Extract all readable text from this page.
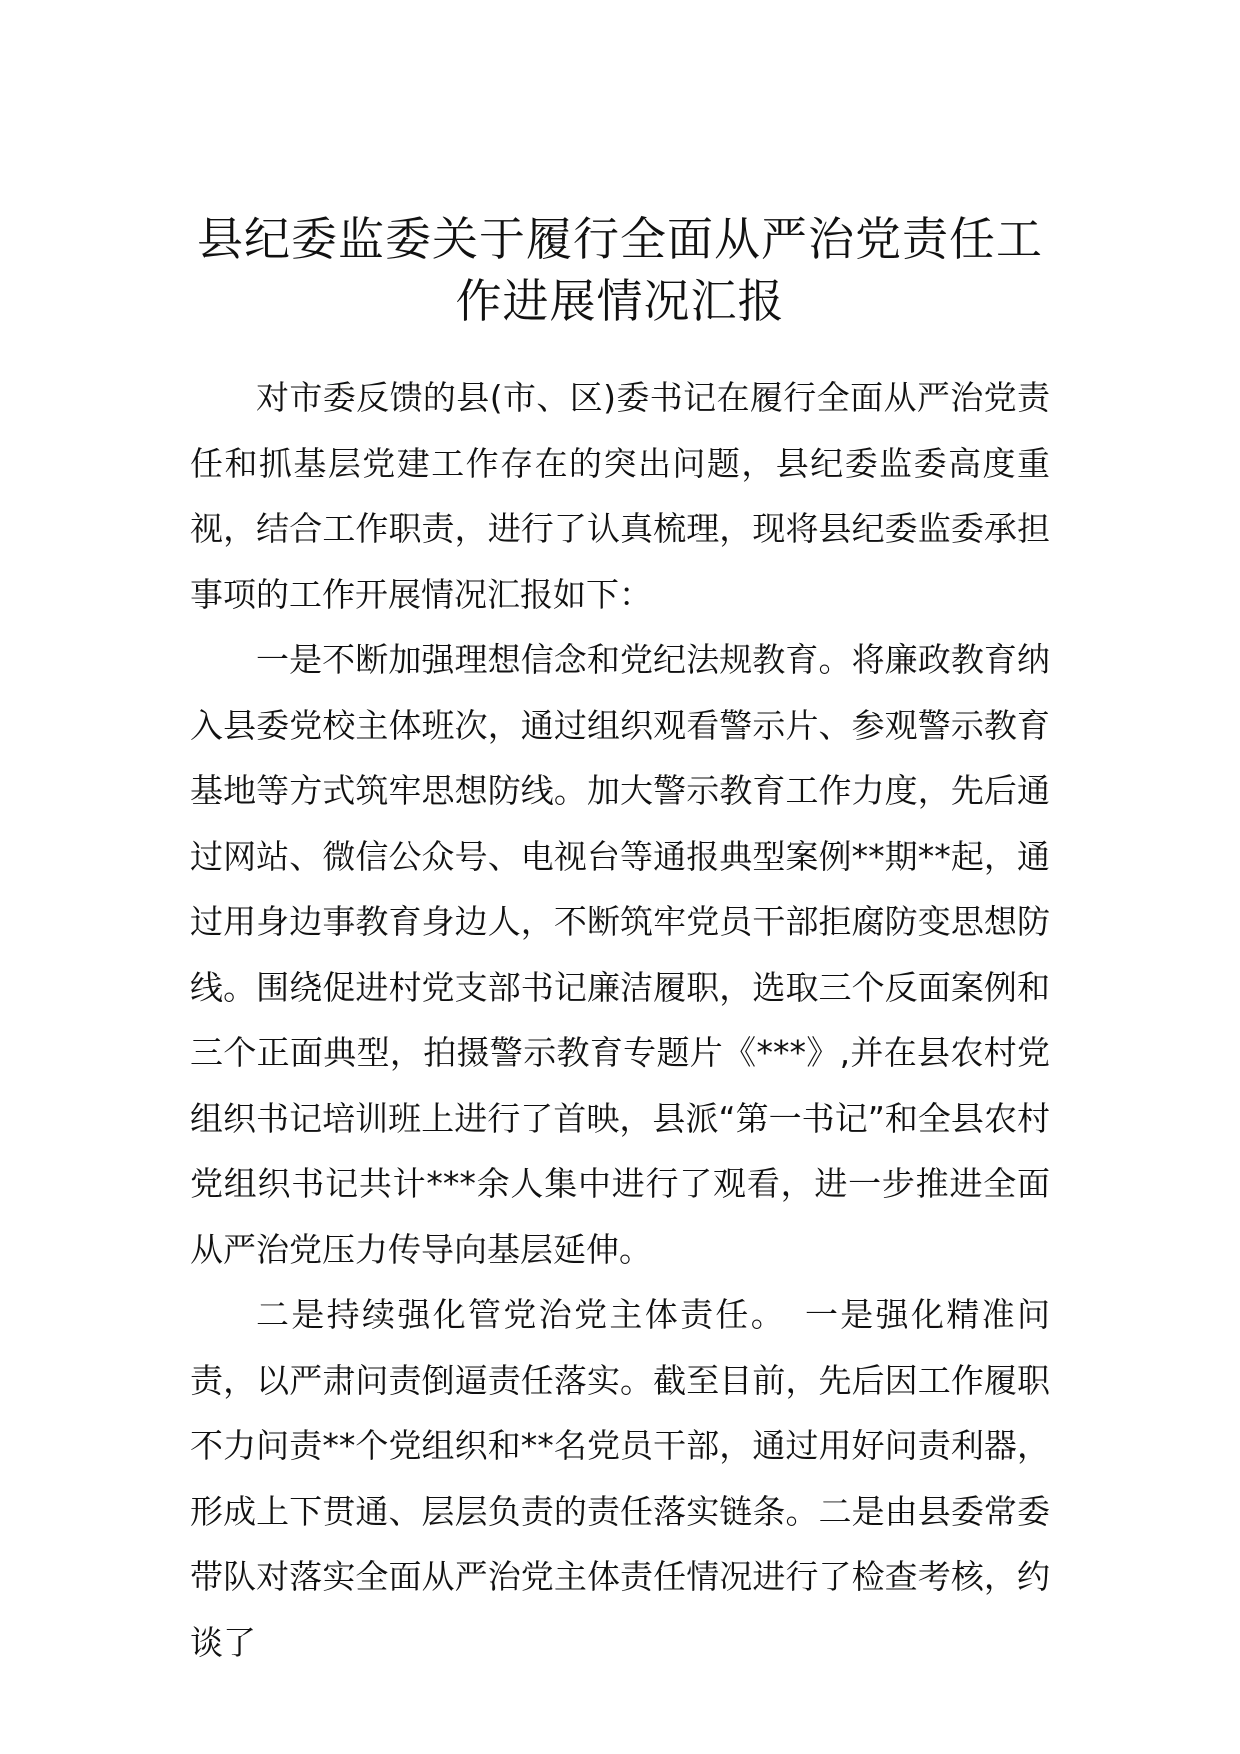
县纪委监委关于履行全面从严治党责任工
作进展情况汇报

对市委反馈的县(市、区)委书记在履行全面从严治党责任和抓基层党建工作存在的突出问题，县纪委监委高度重视，结合工作职责，进行了认真梳理，现将县纪委监委承担事项的工作开展情况汇报如下：

一是不断加强理想信念和党纪法规教育。将廉政教育纳入县委党校主体班次，通过组织观看警示片、参观警示教育基地等方式筑牢思想防线。加大警示教育工作力度，先后通过网站、微信公众号、电视台等通报典型案例**期**起，通过用身边事教育身边人，不断筑牢党员干部拒腐防变思想防线。围绕促进村党支部书记廉洁履职，选取三个反面案例和三个正面典型，拍摄警示教育专题片《***》,并在县农村党组织书记培训班上进行了首映，县派“第一书记”和全县农村党组织书记共计***余人集中进行了观看，进一步推进全面从严治党压力传导向基层延伸。

二是持续强化管党治党主体责任。　一是强化精准问责，以严肃问责倒逼责任落实。截至目前，先后因工作履职不力问责**个党组织和**名党员干部，通过用好问责利器，形成上下贯通、层层负责的责任落实链条。二是由县委常委带队对落实全面从严治党主体责任情况进行了检查考核，约谈了
